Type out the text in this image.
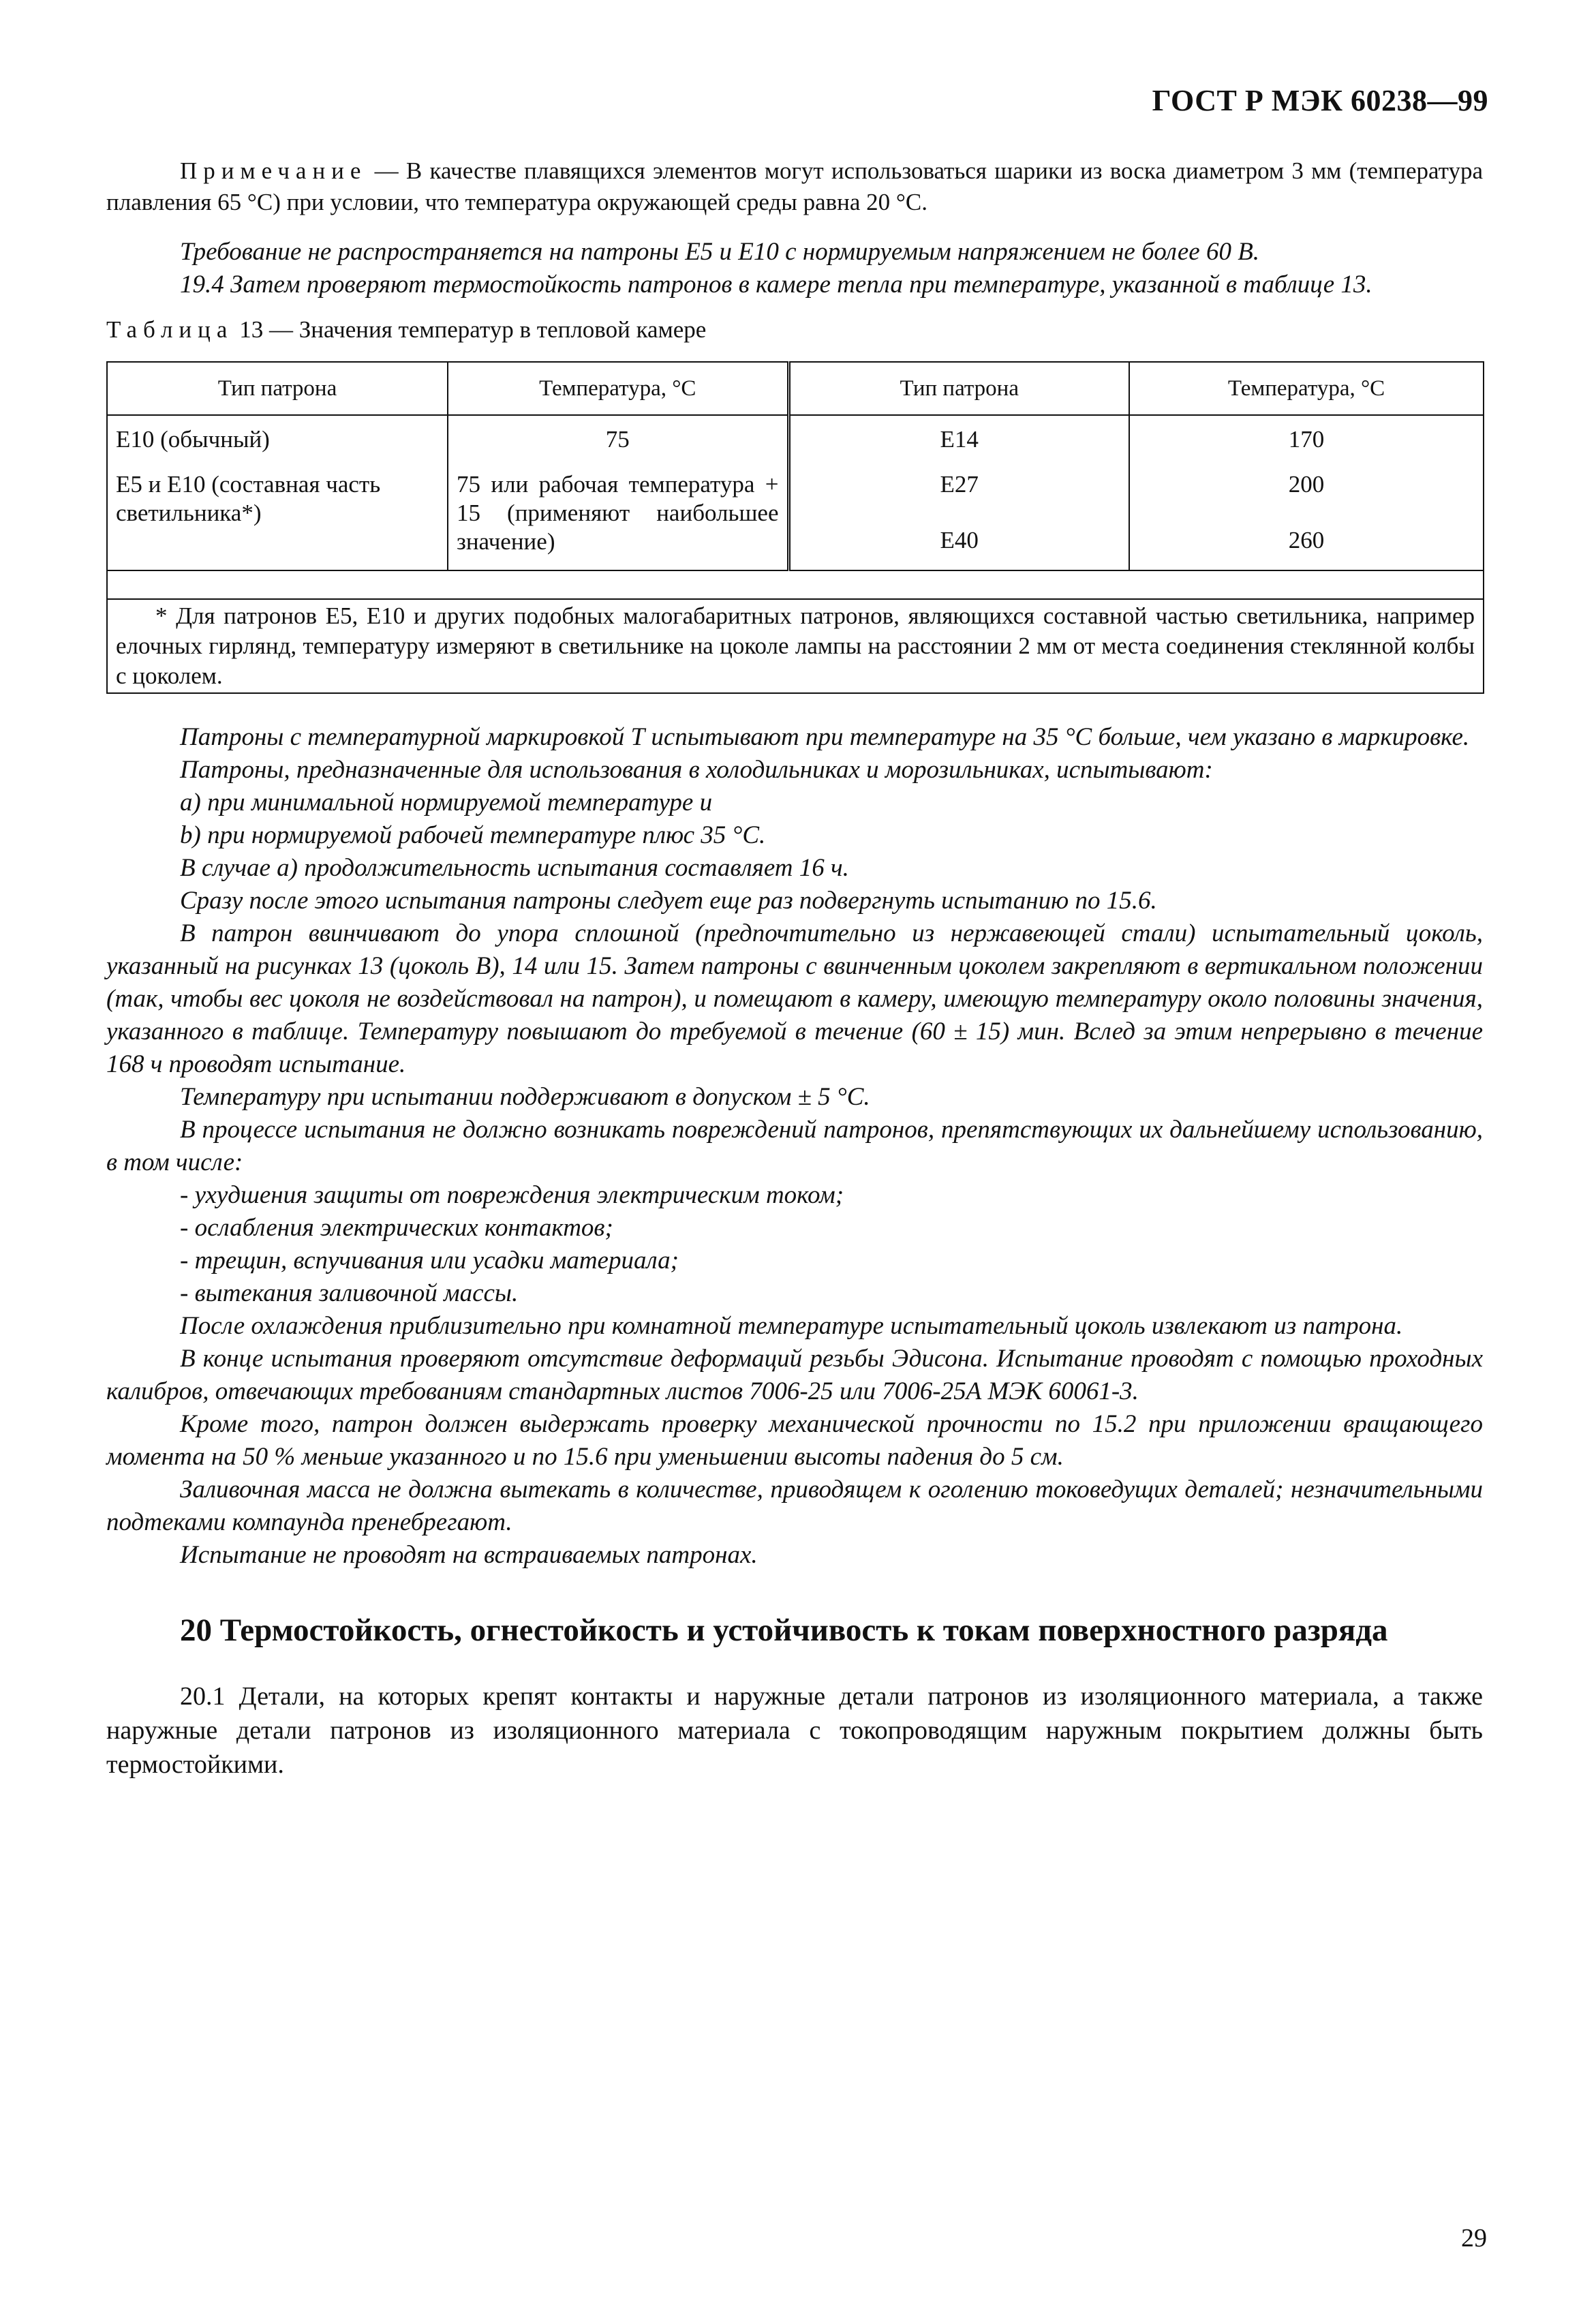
ГОСТ Р МЭК 60238—99

Примечание — В качестве плавящихся элементов могут использоваться шарики из воска диаметром 3 мм (температура плавления 65 °С) при условии, что температура окружающей среды равна 20 °С.

Требование не распространяется на патроны Е5 и Е10 с нормируемым напряжением не более 60 В.

19.4 Затем проверяют термостойкость патронов в камере тепла при температуре, указанной в таблице 13.

Таблица 13 — Значения температур в тепловой камере

Тип патрона	Температура, °С	Тип патрона	Температура, °С
Е10 (обычный)	75	Е14	170
Е5 и Е10 (составная часть светильника*)	75 или рабочая температура + 15 (применяют наибольшее значение)	Е27	200
		Е40	260

* Для патронов Е5, Е10 и других подобных малогабаритных патронов, являющихся составной частью светильника, например елочных гирлянд, температуру измеряют в светильнике на цоколе лампы на расстоянии 2 мм от места соединения стеклянной колбы с цоколем.			

Патроны с температурной маркировкой Т испытывают при температуре на 35 °С больше, чем указано в маркировке.

Патроны, предназначенные для использования в холодильниках и морозильниках, испытывают:

a) при минимальной нормируемой температуре и

b) при нормируемой рабочей температуре плюс 35 °С.

В случае а) продолжительность испытания составляет 16 ч.

Сразу после этого испытания патроны следует еще раз подвергнуть испытанию по 15.6.

В патрон ввинчивают до упора сплошной (предпочтительно из нержавеющей стали) испытательный цоколь, указанный на рисунках 13 (цоколь В), 14 или 15. Затем патроны с ввинченным цоколем закрепляют в вертикальном положении (так, чтобы вес цоколя не воздействовал на патрон), и помещают в камеру, имеющую температуру около половины значения, указанного в таблице. Температуру повышают до требуемой в течение (60 ± 15) мин. Вслед за этим непрерывно в течение 168 ч проводят испытание.

Температуру при испытании поддерживают в допуском ± 5 °С.

В процессе испытания не должно возникать повреждений патронов, препятствующих их дальнейшему использованию, в том числе:

- ухудшения защиты от повреждения электрическим током;

- ослабления электрических контактов;

- трещин, вспучивания или усадки материала;

- вытекания заливочной массы.

После охлаждения приблизительно при комнатной температуре испытательный цоколь извлекают из патрона.

В конце испытания проверяют отсутствие деформаций резьбы Эдисона. Испытание проводят с помощью проходных калибров, отвечающих требованиям стандартных листов 7006-25 или 7006-25А МЭК 60061-3.

Кроме того, патрон должен выдержать проверку механической прочности по 15.2 при приложении вращающего момента на 50 % меньше указанного и по 15.6 при уменьшении высоты падения до 5 см.

Заливочная масса не должна вытекать в количестве, приводящем к оголению токоведущих деталей; незначительными подтеками компаунда пренебрегают.

Испытание не проводят на встраиваемых патронах.

20 Термостойкость, огнестойкость и устойчивость к токам поверхностного разряда

20.1 Детали, на которых крепят контакты и наружные детали патронов из изоляционного материала, а также наружные детали патронов из изоляционного материала с токопроводящим наружным покрытием должны быть термостойкими.

29
